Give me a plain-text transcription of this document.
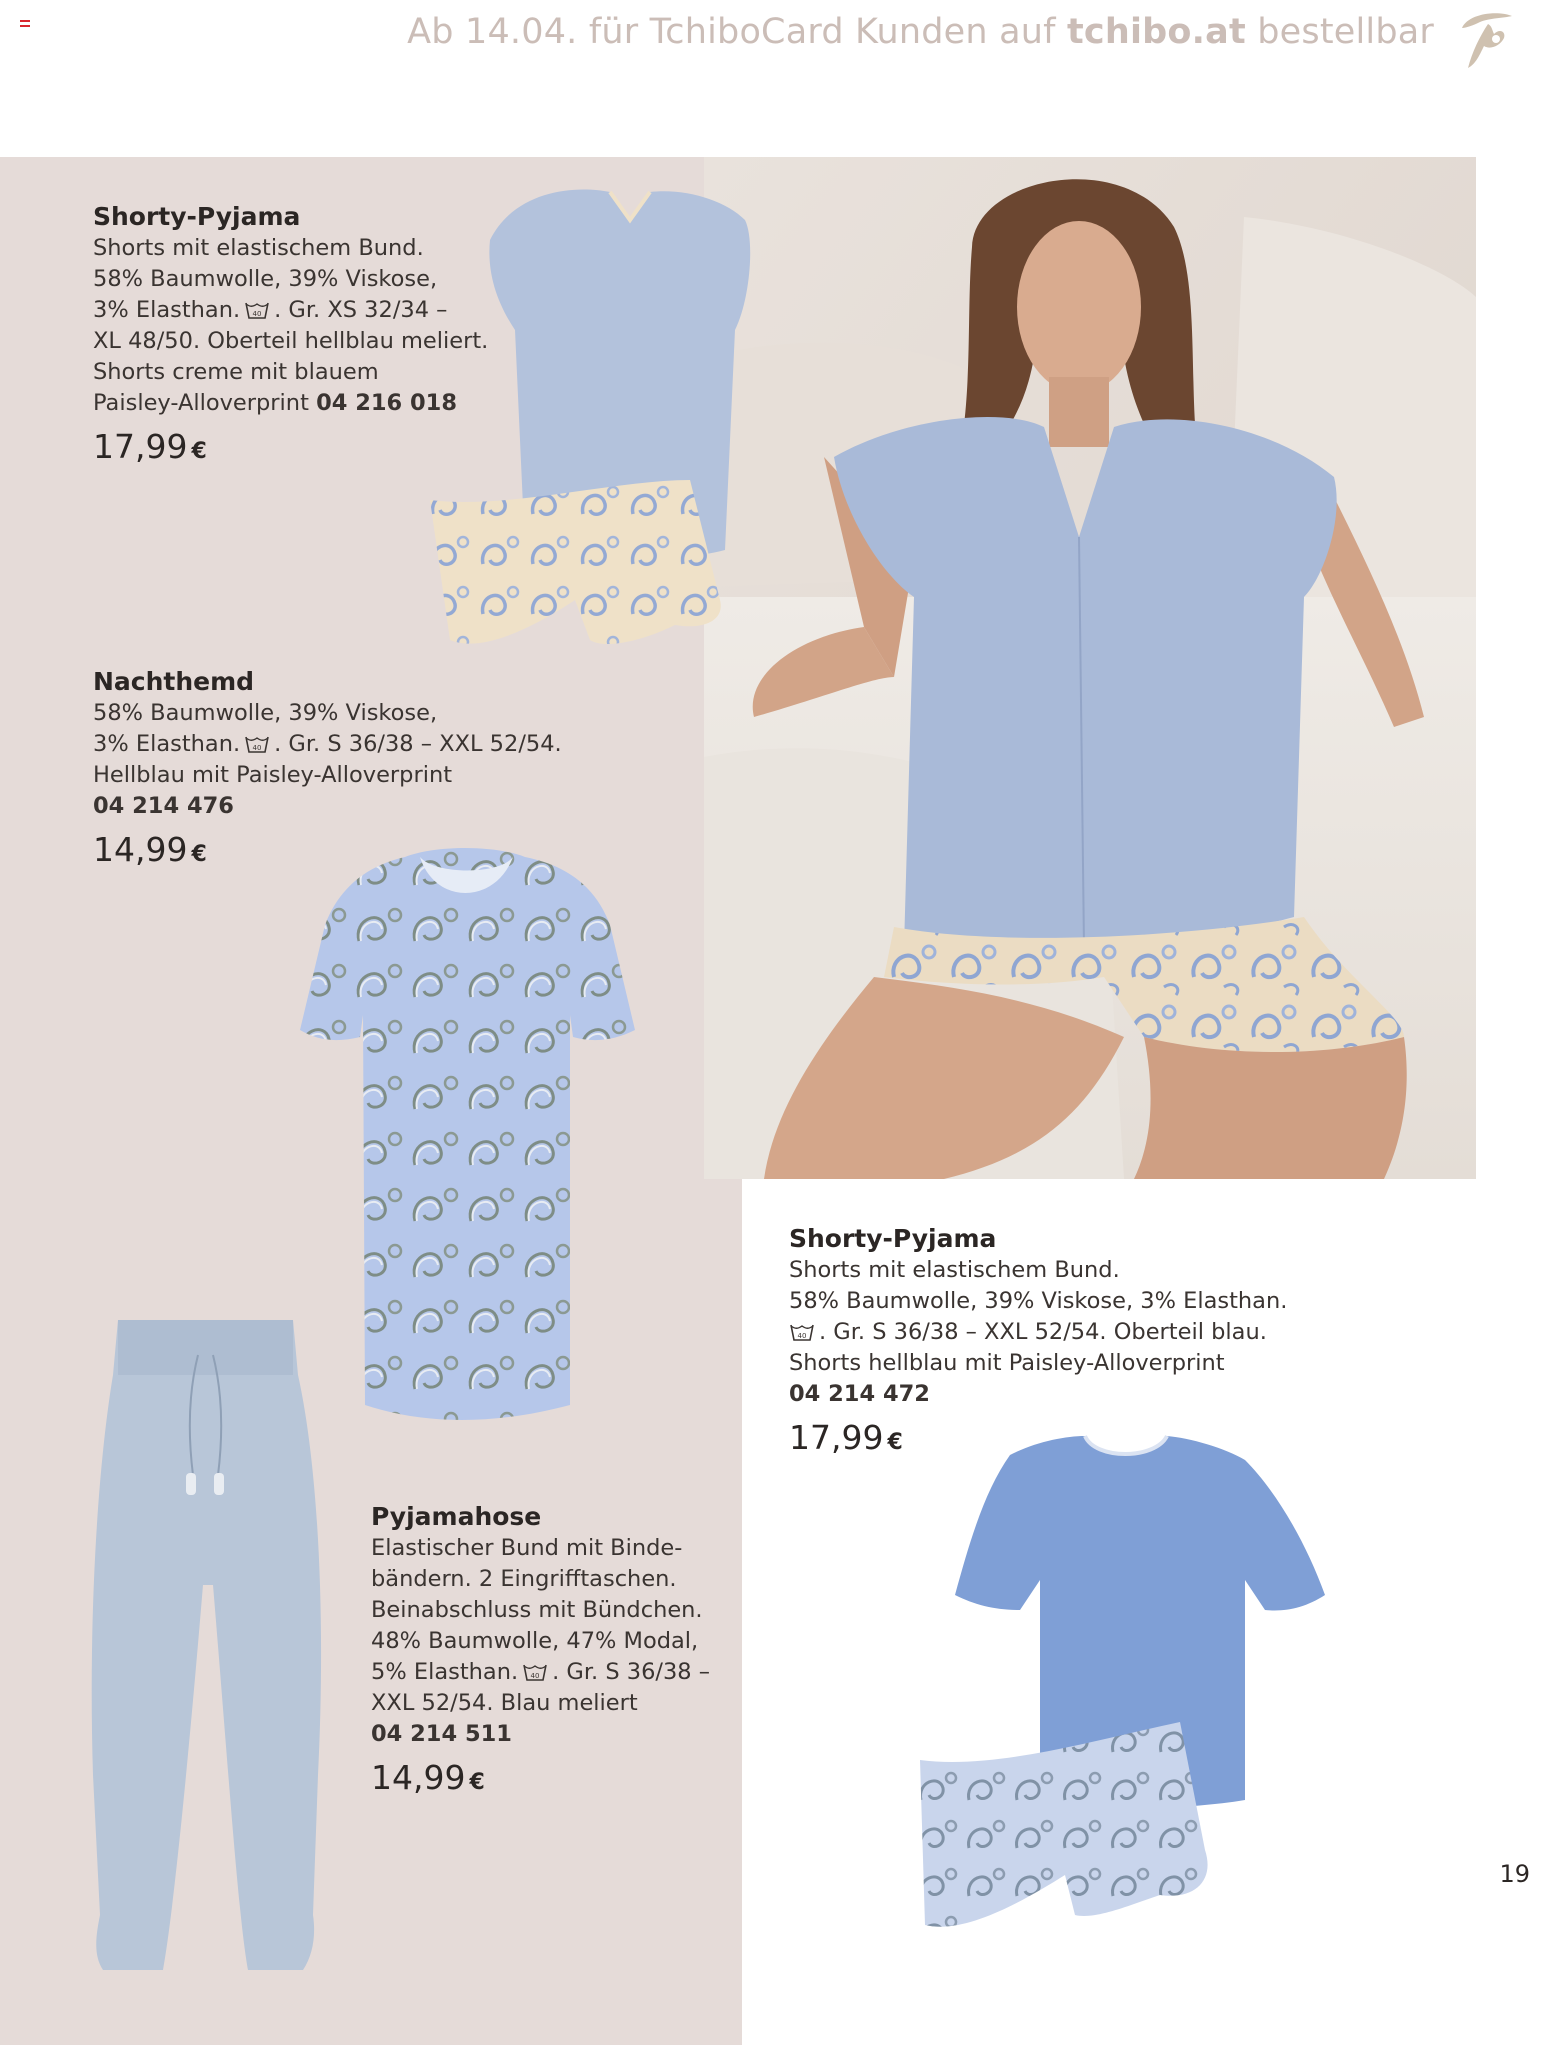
Ab 14.04. für TchiboCard Kunden auf tchibo.at bestellbar
Shorty-Pyjama
Shorts mit elastischem Bund.
58% Baumwolle, 39% Viskose,
3% Elasthan. 40 . Gr. XS 32/34 –
XL 48/50. Oberteil hellblau meliert.
Shorts creme mit blauem
Paisley-Alloverprint 04 216 018
17,99 €
Nachthemd
58% Baumwolle, 39% Viskose,
3% Elasthan. 40 . Gr. S 36/38 – XXL 52/54.
Hellblau mit Paisley-Alloverprint
04 214 476
14,99 €
Shorty-Pyjama
Shorts mit elastischem Bund.
58% Baumwolle, 39% Viskose, 3% Elasthan.
40 . Gr. S 36/38 – XXL 52/54. Oberteil blau.
Shorts hellblau mit Paisley-Alloverprint
04 214 472
17,99 €
Pyjamahose
Elastischer Bund mit Binde-
bändern. 2 Eingrifftaschen.
Beinabschluss mit Bündchen.
48% Baumwolle, 47% Modal,
5% Elasthan. 40 . Gr. S 36/38 –
XXL 52/54. Blau meliert
04 214 511
14,99 €
19
